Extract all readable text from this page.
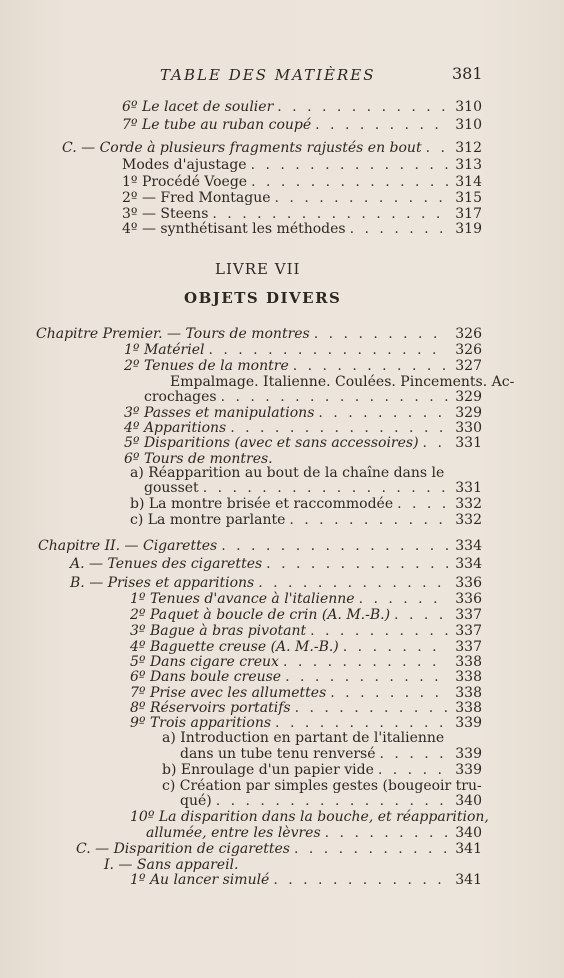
TABLE DES MATIÈRES	381
6º Le lacet de soulier . . .	310
7º Le tube au ruban coupé . . .	310
C. — Corde à plusieurs fragments rajustés en bout . . . 312
Modes d'ajustage . . .	313
1º Procédé Voege . . .	314
2º — Fred Montague . . .	315
3º — Steens . . .	317
4º — synthétisant les méthodes . . .	319
LIVRE VII
OBJETS DIVERS
Chapitre Premier. — Tours de montres . . .	326
1º Matériel . . .	326
2º Tenues de la montre . . .	327
Empalmage. Italienne. Coulées. Pincements. Ac-
crochages . . .	329
3º Passes et manipulations . . .	329
4º Apparitions . . .	330
5º Disparitions (avec et sans accessoires) . . .	331
6º Tours de montres.
a) Réapparition au bout de la chaîne dans le
gousset . . .	331
b) La montre brisée et raccommodée . . .	332
c) La montre parlante . . .	332
Chapitre II. — Cigarettes . . .	334
A. — Tenues des cigarettes . . .	334
B. — Prises et apparitions . . .	336
1º Tenues d'avance à l'italienne . . .	336
2º Paquet à boucle de crin (A. M.-B.) . . .	337
3º Bague à bras pivotant . . .	337
4º Baguette creuse (A. M.-B.) . . .	337
5º Dans cigare creux . . .	338
6º Dans boule creuse . . .	338
7º Prise avec les allumettes . . .	338
8º Réservoirs portatifs . . .	338
9º Trois apparitions . . .	339
a) Introduction en partant de l'italienne
dans un tube tenu renversé . . .	339
b) Enroulage d'un papier vide . . .	339
c) Création par simples gestes (bougeoir tru-
qué) . . .	340
10º La disparition dans la bouche, et réapparition,
allumée, entre les lèvres . . .	340
C. — Disparition de cigarettes . . .	341
I. — Sans appareil.
1º Au lancer simulé . . .	341
